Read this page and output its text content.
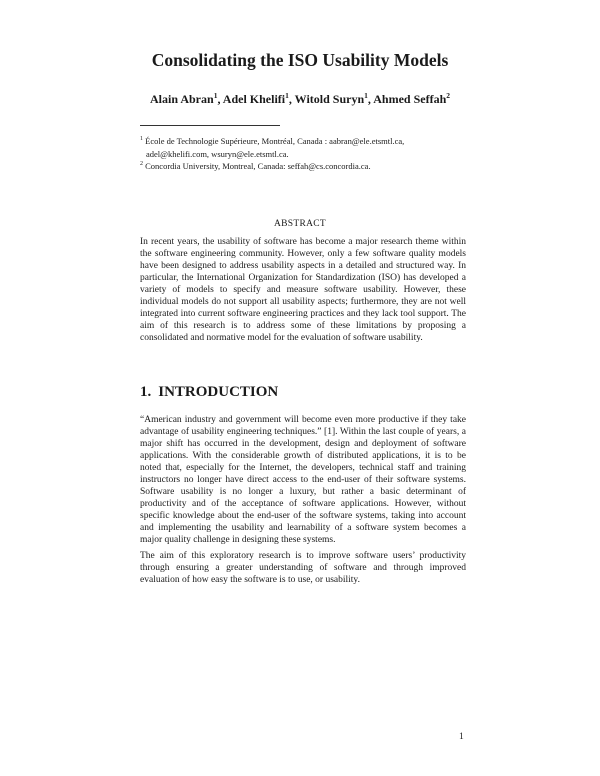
Consolidating the ISO Usability Models
Alain Abran$^1$, Adel Khelifi$^1$, Witold Suryn$^1$, Ahmed Seffah$^2$

$^1$ École de Technologie Supérieure, Montréal, Canada : aabran@ele.etsmtl.ca,

adel@khelifi.com, wsuryn@ele.etsmtl.ca.

$^2$ Concordia University, Montreal, Canada: seffah@cs.concordia.ca.

ABSTRACT

In recent years, the usability of software has become a major research theme within the software engineering community. However, only a few software quality models have been designed to address usability aspects in a detailed and structured way. In particular, the International Organization for Standardization (ISO) has developed a variety of models to specify and measure software usability. However, these individual models do not support all usability aspects; furthermore, they are not well integrated into current software engineering practices and they lack tool support. The aim of this research is to address some of these limitations by proposing a consolidated and normative model for the evaluation of software usability.

1. INTRODUCTION

“American industry and government will become even more productive if they take advantage of usability engineering techniques.” [1]. Within the last couple of years, a major shift has occurred in the development, design and deployment of software applications. With the considerable growth of distributed applications, it is to be noted that, especially for the Internet, the developers, technical staff and training instructors no longer have direct access to the end-user of their software systems. Software usability is no longer a luxury, but rather a basic determinant of productivity and of the acceptance of software applications. However, without specific knowledge about the end-user of the software systems, taking into account and implementing the usability and learnability of a software system becomes a major quality challenge in designing these systems.

The aim of this exploratory research is to improve software users’ productivity through ensuring a greater understanding of software and through improved evaluation of how easy the software is to use, or usability.

1
